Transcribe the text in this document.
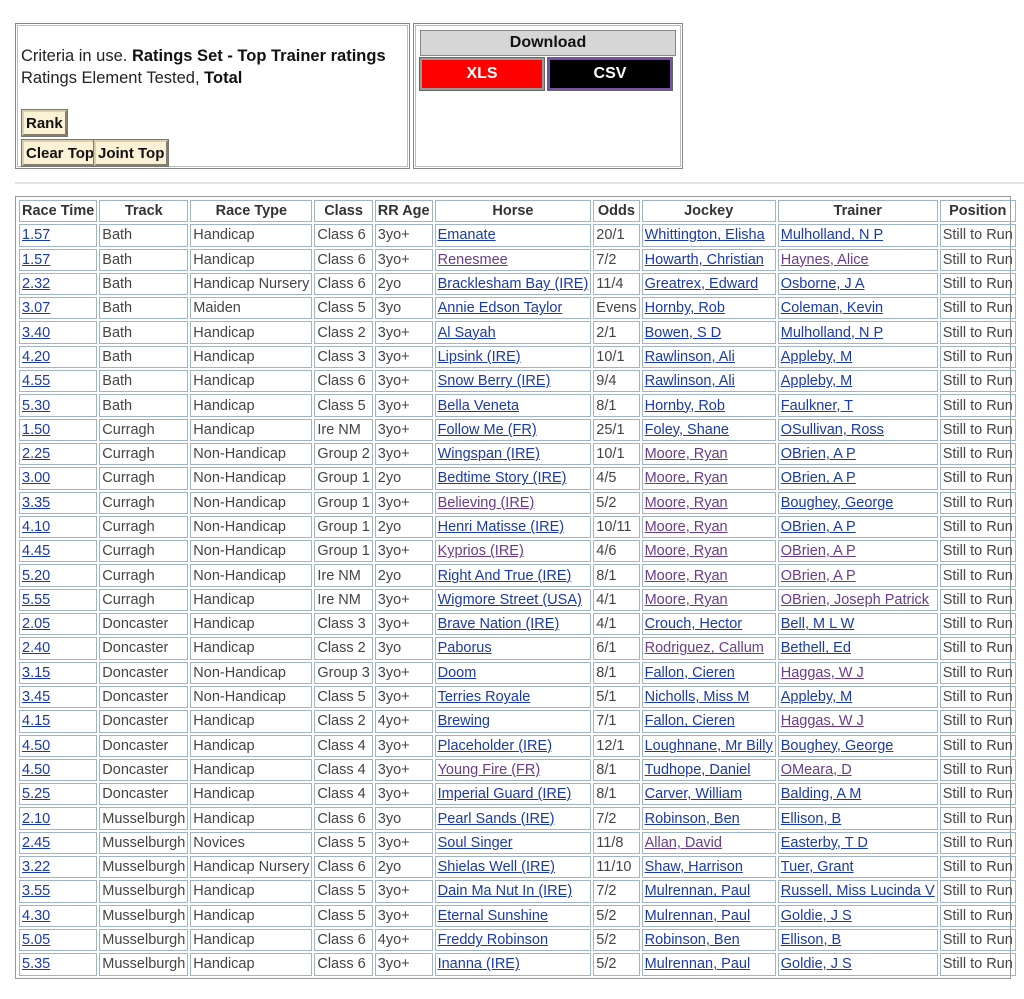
Criteria in use. Ratings Set - Top Trainer ratings
Ratings Element Tested, Total
Rank
Clear Top Joint Top
Download
XLS	CSV
Race Time	Track	Race Type	Class	RR Age	Horse	Odds	Jockey	Trainer	Position
1.57	Bath	Handicap	Class 6	3yo+	Emanate	20/1	Whittington, Elisha	Mulholland, N P	Still to Run
1.57	Bath	Handicap	Class 6	3yo+	Renesmee	7/2	Howarth, Christian	Haynes, Alice	Still to Run
2.32	Bath	Handicap Nursery	Class 6	2yo	Bracklesham Bay (IRE)	11/4	Greatrex, Edward	Osborne, J A	Still to Run
3.07	Bath	Maiden	Class 5	3yo	Annie Edson Taylor	Evens	Hornby, Rob	Coleman, Kevin	Still to Run
3.40	Bath	Handicap	Class 2	3yo+	Al Sayah	2/1	Bowen, S D	Mulholland, N P	Still to Run
4.20	Bath	Handicap	Class 3	3yo+	Lipsink (IRE)	10/1	Rawlinson, Ali	Appleby, M	Still to Run
4.55	Bath	Handicap	Class 6	3yo+	Snow Berry (IRE)	9/4	Rawlinson, Ali	Appleby, M	Still to Run
5.30	Bath	Handicap	Class 5	3yo+	Bella Veneta	8/1	Hornby, Rob	Faulkner, T	Still to Run
1.50	Curragh	Handicap	Ire NM	3yo+	Follow Me (FR)	25/1	Foley, Shane	OSullivan, Ross	Still to Run
2.25	Curragh	Non-Handicap	Group 2	3yo+	Wingspan (IRE)	10/1	Moore, Ryan	OBrien, A P	Still to Run
3.00	Curragh	Non-Handicap	Group 1	2yo	Bedtime Story (IRE)	4/5	Moore, Ryan	OBrien, A P	Still to Run
3.35	Curragh	Non-Handicap	Group 1	3yo+	Believing (IRE)	5/2	Moore, Ryan	Boughey, George	Still to Run
4.10	Curragh	Non-Handicap	Group 1	2yo	Henri Matisse (IRE)	10/11	Moore, Ryan	OBrien, A P	Still to Run
4.45	Curragh	Non-Handicap	Group 1	3yo+	Kyprios (IRE)	4/6	Moore, Ryan	OBrien, A P	Still to Run
5.20	Curragh	Non-Handicap	Ire NM	2yo	Right And True (IRE)	8/1	Moore, Ryan	OBrien, A P	Still to Run
5.55	Curragh	Handicap	Ire NM	3yo+	Wigmore Street (USA)	4/1	Moore, Ryan	OBrien, Joseph Patrick	Still to Run
2.05	Doncaster	Handicap	Class 3	3yo+	Brave Nation (IRE)	4/1	Crouch, Hector	Bell, M L W	Still to Run
2.40	Doncaster	Handicap	Class 2	3yo	Paborus	6/1	Rodriguez, Callum	Bethell, Ed	Still to Run
3.15	Doncaster	Non-Handicap	Group 3	3yo+	Doom	8/1	Fallon, Cieren	Haggas, W J	Still to Run
3.45	Doncaster	Non-Handicap	Class 5	3yo+	Terries Royale	5/1	Nicholls, Miss M	Appleby, M	Still to Run
4.15	Doncaster	Handicap	Class 2	4yo+	Brewing	7/1	Fallon, Cieren	Haggas, W J	Still to Run
4.50	Doncaster	Handicap	Class 4	3yo+	Placeholder (IRE)	12/1	Loughnane, Mr Billy	Boughey, George	Still to Run
4.50	Doncaster	Handicap	Class 4	3yo+	Young Fire (FR)	8/1	Tudhope, Daniel	OMeara, D	Still to Run
5.25	Doncaster	Handicap	Class 4	3yo+	Imperial Guard (IRE)	8/1	Carver, William	Balding, A M	Still to Run
2.10	Musselburgh	Handicap	Class 6	3yo	Pearl Sands (IRE)	7/2	Robinson, Ben	Ellison, B	Still to Run
2.45	Musselburgh	Novices	Class 5	3yo+	Soul Singer	11/8	Allan, David	Easterby, T D	Still to Run
3.22	Musselburgh	Handicap Nursery	Class 6	2yo	Shielas Well (IRE)	11/10	Shaw, Harrison	Tuer, Grant	Still to Run
3.55	Musselburgh	Handicap	Class 5	3yo+	Dain Ma Nut In (IRE)	7/2	Mulrennan, Paul	Russell, Miss Lucinda V	Still to Run
4.30	Musselburgh	Handicap	Class 5	3yo+	Eternal Sunshine	5/2	Mulrennan, Paul	Goldie, J S	Still to Run
5.05	Musselburgh	Handicap	Class 6	4yo+	Freddy Robinson	5/2	Robinson, Ben	Ellison, B	Still to Run
5.35	Musselburgh	Handicap	Class 6	3yo+	Inanna (IRE)	5/2	Mulrennan, Paul	Goldie, J S	Still to Run
